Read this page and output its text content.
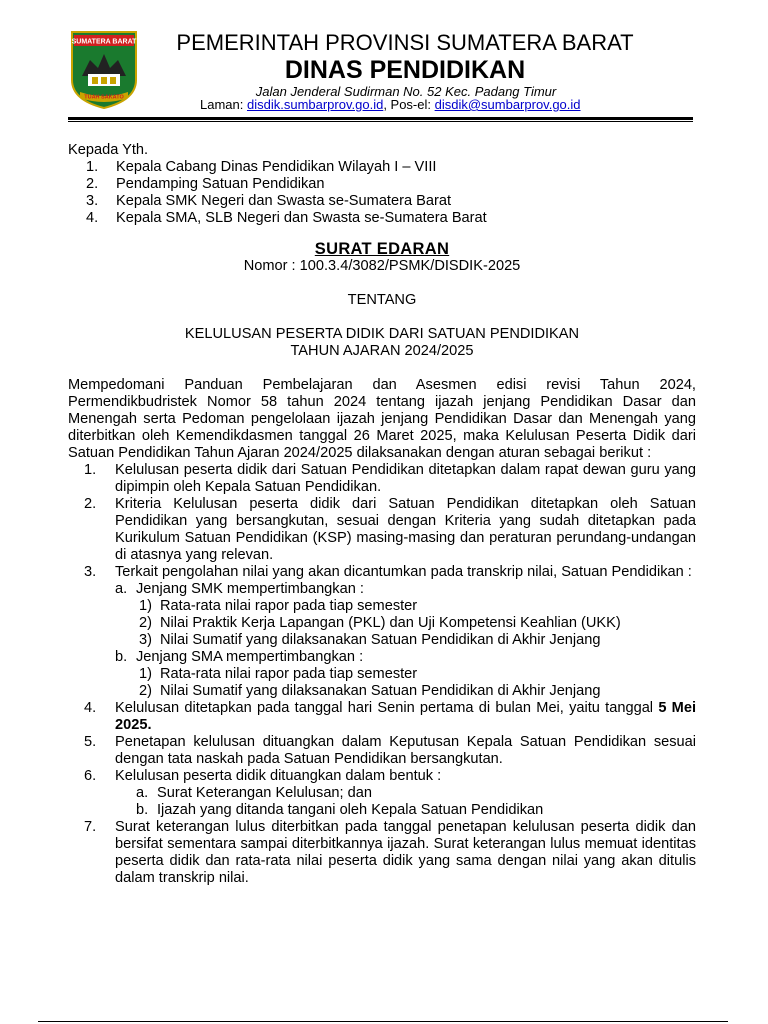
SUMATERA BARAT
TUAH SAKATO
PEMERINTAH PROVINSI SUMATERA BARAT
DINAS PENDIDIKAN
Jalan Jenderal Sudirman No. 52 Kec. Padang Timur
Laman: disdik.sumbarprov.go.id, Pos-el: disdik@sumbarprov.go.id

Kepada Yth.

1. Kepala Cabang Dinas Pendidikan Wilayah I – VIII
2. Pendamping Satuan Pendidikan
3. Kepala SMK Negeri dan Swasta se-Sumatera Barat
4. Kepala SMA, SLB Negeri dan Swasta se-Sumatera Barat
SURAT EDARAN
Nomor : 100.3.4/3082/PSMK/DISDIK-2025
TENTANG
KELULUSAN PESERTA DIDIK DARI SATUAN PENDIDIKAN
TAHUN AJARAN 2024/2025

Mempedomani Panduan Pembelajaran dan Asesmen edisi revisi Tahun 2024, Permendikbudristek Nomor 58 tahun 2024 tentang ijazah jenjang Pendidikan Dasar dan Menengah serta Pedoman pengelolaan ijazah jenjang Pendidikan Dasar dan Menengah yang diterbitkan oleh Kemendikdasmen tanggal 26 Maret 2025, maka Kelulusan Peserta Didik dari Satuan Pendidikan Tahun Ajaran 2024/2025 dilaksanakan dengan aturan sebagai berikut :

1. Kelulusan peserta didik dari Satuan Pendidikan ditetapkan dalam rapat dewan guru yang dipimpin oleh Kepala Satuan Pendidikan.
2. Kriteria Kelulusan peserta didik dari Satuan Pendidikan ditetapkan oleh Satuan Pendidikan yang bersangkutan, sesuai dengan Kriteria yang sudah ditetapkan pada Kurikulum Satuan Pendidikan (KSP) masing-masing dan peraturan perundang-undangan di atasnya yang relevan.
3. Terkait pengolahan nilai yang akan dicantumkan pada transkrip nilai, Satuan Pendidikan :
a. Jenjang SMK mempertimbangkan :
1) Rata-rata nilai rapor pada tiap semester
2) Nilai Praktik Kerja Lapangan (PKL) dan Uji Kompetensi Keahlian (UKK)
3) Nilai Sumatif yang dilaksanakan Satuan Pendidikan di Akhir Jenjang
b. Jenjang SMA mempertimbangkan :
1) Rata-rata nilai rapor pada tiap semester
2) Nilai Sumatif yang dilaksanakan Satuan Pendidikan di Akhir Jenjang
4. Kelulusan ditetapkan pada tanggal hari Senin pertama di bulan Mei, yaitu tanggal 5 Mei 2025.
5. Penetapan kelulusan dituangkan dalam Keputusan Kepala Satuan Pendidikan sesuai dengan tata naskah pada Satuan Pendidikan bersangkutan.
6. Kelulusan peserta didik dituangkan dalam bentuk :
a. Surat Keterangan Kelulusan; dan
b. Ijazah yang ditanda tangani oleh Kepala Satuan Pendidikan
7. Surat keterangan lulus diterbitkan pada tanggal penetapan kelulusan peserta didik dan bersifat sementara sampai diterbitkannya ijazah. Surat keterangan lulus memuat identitas peserta didik dan rata-rata nilai peserta didik yang sama dengan nilai yang akan ditulis dalam transkrip nilai.
